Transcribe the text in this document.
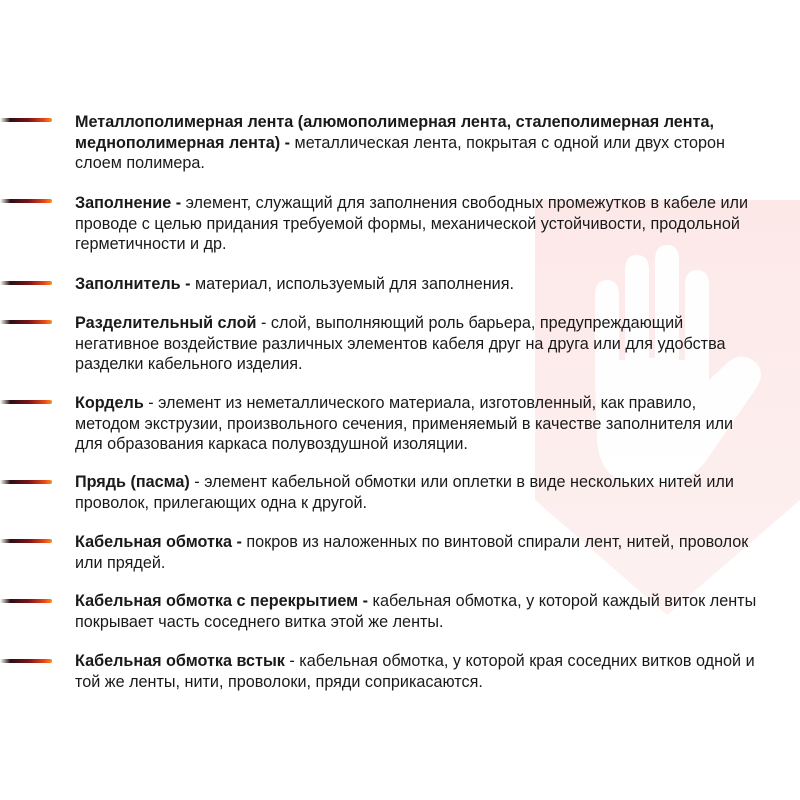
Металлополимерная лента (алюмополимерная лента, сталеполимерная лента, меднополимерная лента) - металлическая лента, покрытая с одной или двух сторон слоем полимера.
Заполнение - элемент, служащий для заполнения свободных промежутков в кабеле или проводе с целью придания требуемой формы, механической устойчивости, продольной герметичности и др.
Заполнитель - материал, используемый для заполнения.
Разделительный слой - слой, выполняющий роль барьера, предупреждающий негативное воздействие различных элементов кабеля друг на друга или для удобства разделки кабельного изделия.
Кордель - элемент из неметаллического материала, изготовленный, как правило, методом экструзии, произвольного сечения, применяемый в качестве заполнителя или для образования каркаса полувоздушной изоляции.
Прядь (пасма) - элемент кабельной обмотки или оплетки в виде нескольких нитей или проволок, прилегающих одна к другой.
Кабельная обмотка - покров из наложенных по винтовой спирали лент, нитей, проволок или прядей.
Кабельная обмотка с перекрытием - кабельная обмотка, у которой каждый виток ленты покрывает часть соседнего витка этой же ленты.
Кабельная обмотка встык - кабельная обмотка, у которой края соседних витков одной и той же ленты, нити, проволоки, пряди соприкасаются.
